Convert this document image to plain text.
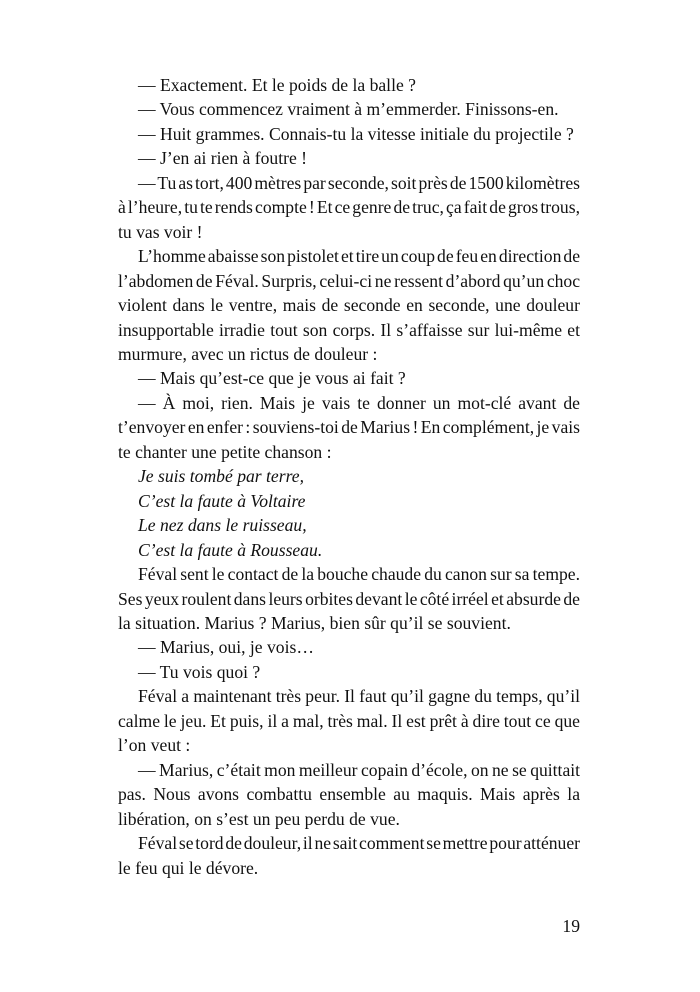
— Exactement. Et le poids de la balle ?
— Vous commencez vraiment à m’emmerder. Finissons-en.
— Huit grammes. Connais-tu la vitesse initiale du projectile ?
— J’en ai rien à foutre !
— Tu as tort, 400 mètres par seconde, soit près de 1500 kilomètres
à l’heure, tu te rends compte ! Et ce genre de truc, ça fait de gros trous,
tu vas voir !
L’homme abaisse son pistolet et tire un coup de feu en direction de
l’abdomen de Féval. Surpris, celui-ci ne ressent d’abord qu’un choc
violent dans le ventre, mais de seconde en seconde, une douleur
insupportable irradie tout son corps. Il s’affaisse sur lui-même et
murmure, avec un rictus de douleur :
— Mais qu’est-ce que je vous ai fait ?
— À moi, rien. Mais je vais te donner un mot-clé avant de
t’envoyer en enfer : souviens-toi de Marius ! En complément, je vais
te chanter une petite chanson :
Je suis tombé par terre,
C’est la faute à Voltaire
Le nez dans le ruisseau,
C’est la faute à Rousseau.
Féval sent le contact de la bouche chaude du canon sur sa tempe.
Ses yeux roulent dans leurs orbites devant le côté irréel et absurde de
la situation. Marius ? Marius, bien sûr qu’il se souvient.
— Marius, oui, je vois…
— Tu vois quoi ?
Féval a maintenant très peur. Il faut qu’il gagne du temps, qu’il
calme le jeu. Et puis, il a mal, très mal. Il est prêt à dire tout ce que
l’on veut :
— Marius, c’était mon meilleur copain d’école, on ne se quittait
pas. Nous avons combattu ensemble au maquis. Mais après la
libération, on s’est un peu perdu de vue.
Féval se tord de douleur, il ne sait comment se mettre pour atténuer
le feu qui le dévore.
19
